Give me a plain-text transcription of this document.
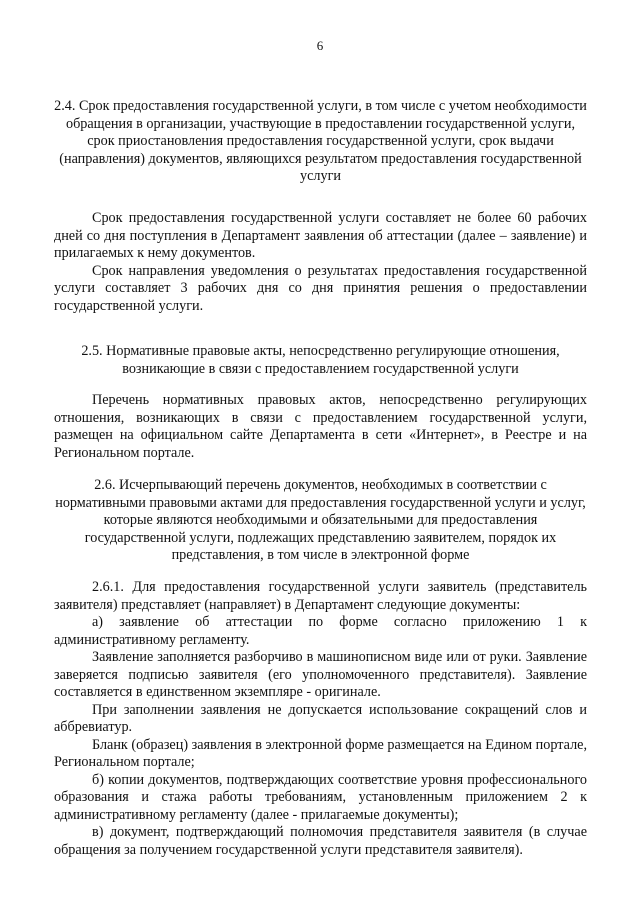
6

2.4. Срок предоставления государственной услуги, в том числе с учетом необходимости обращения в организации, участвующие в предоставлении государственной услуги, срок приостановления предоставления государственной услуги, срок выдачи (направления) документов, являющихся результатом предоставления государственной услуги

Срок предоставления государственной услуги составляет не более 60 рабочих дней со дня поступления в Департамент заявления об аттестации (далее – заявление) и прилагаемых к нему документов.

Срок направления уведомления о результатах предоставления государственной услуги составляет 3 рабочих дня со дня принятия решения о предоставлении государственной услуги.

2.5. Нормативные правовые акты, непосредственно регулирующие отношения, возникающие в связи с предоставлением государственной услуги

Перечень нормативных правовых актов, непосредственно регулирующих отношения, возникающих в связи с предоставлением государственной услуги, размещен на официальном сайте Департамента в сети «Интернет», в Реестре и на Региональном портале.

2.6. Исчерпывающий перечень документов, необходимых в соответствии с нормативными правовыми актами для предоставления государственной услуги и услуг, которые являются необходимыми и обязательными для предоставления государственной услуги, подлежащих представлению заявителем, порядок их представления, в том числе в электронной форме

2.6.1. Для предоставления государственной услуги заявитель (представитель заявителя) представляет (направляет) в Департамент следующие документы:

а) заявление об аттестации по форме согласно приложению 1 к административному регламенту.

Заявление заполняется разборчиво в машинописном виде или от руки. Заявление заверяется подписью заявителя (его уполномоченного представителя). Заявление составляется в единственном экземпляре - оригинале.

При заполнении заявления не допускается использование сокращений слов и аббревиатур.

Бланк (образец) заявления в электронной форме размещается на Едином портале, Региональном портале;

б) копии документов, подтверждающих соответствие уровня профессионального образования и стажа работы требованиям, установленным приложением 2 к административному регламенту (далее - прилагаемые документы);

в) документ, подтверждающий полномочия представителя заявителя (в случае обращения за получением государственной услуги представителя заявителя).
